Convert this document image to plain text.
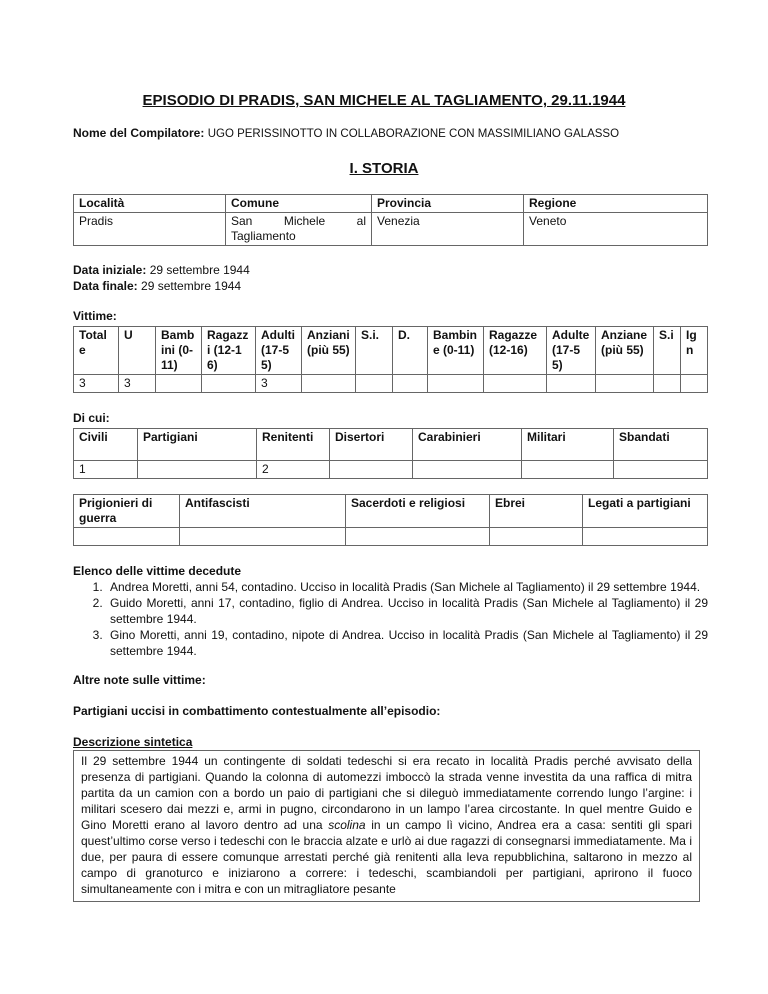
EPISODIO DI PRADIS, SAN MICHELE AL TAGLIAMENTO, 29.11.1944
Nome del Compilatore: UGO PERISSINOTTO IN COLLABORAZIONE CON MASSIMILIANO GALASSO
I. STORIA
Località	Comune	Provincia	Regione
Pradis	San Michele al Tagliamento	Venezia	Veneto
Data iniziale: 29 settembre 1944
Data finale: 29 settembre 1944
Vittime:
Totale	U	Bambini (0-11)	Ragazzi (12-16)	Adulti (17-55)	Anziani (più 55)	S.i.	D.	Bambine (0-11)	Ragazze (12-16)	Adulte (17-55)	Anziane (più 55)	S.i	Ign
3	3			3									
Di cui:
Civili	Partigiani	Renitenti	Disertori	Carabinieri	Militari	Sbandati
1		2				
Prigionieri di guerra	Antifascisti	Sacerdoti e religiosi	Ebrei	Legati a partigiani

Elenco delle vittime decedute
1. Andrea Moretti, anni 54, contadino. Ucciso in località Pradis (San Michele al Tagliamento) il 29 settembre 1944.
2. Guido Moretti, anni 17, contadino, figlio di Andrea. Ucciso in località Pradis (San Michele al Tagliamento) il 29 settembre 1944.
3. Gino Moretti, anni 19, contadino, nipote di Andrea. Ucciso in località Pradis (San Michele al Tagliamento) il 29 settembre 1944.
Altre note sulle vittime:
Partigiani uccisi in combattimento contestualmente all’episodio:
Descrizione sintetica
Il 29 settembre 1944 un contingente di soldati tedeschi si era recato in località Pradis perché avvisato della presenza di partigiani. Quando la colonna di automezzi imboccò la strada venne investita da una raffica di mitra partita da un camion con a bordo un paio di partigiani che si dileguò immediatamente correndo lungo l’argine: i militari scesero dai mezzi e, armi in pugno, circondarono in un lampo l’area circostante. In quel mentre Guido e Gino Moretti erano al lavoro dentro ad una scolina in un campo lì vicino, Andrea era a casa: sentiti gli spari quest’ultimo corse verso i tedeschi con le braccia alzate e urlò ai due ragazzi di consegnarsi immediatamente. Ma i due, per paura di essere comunque arrestati perché già renitenti alla leva repubblichina, saltarono in mezzo al campo di granoturco e iniziarono a correre: i tedeschi, scambiandoli per partigiani, aprirono il fuoco simultaneamente con i mitra e con un mitragliatore pesante
